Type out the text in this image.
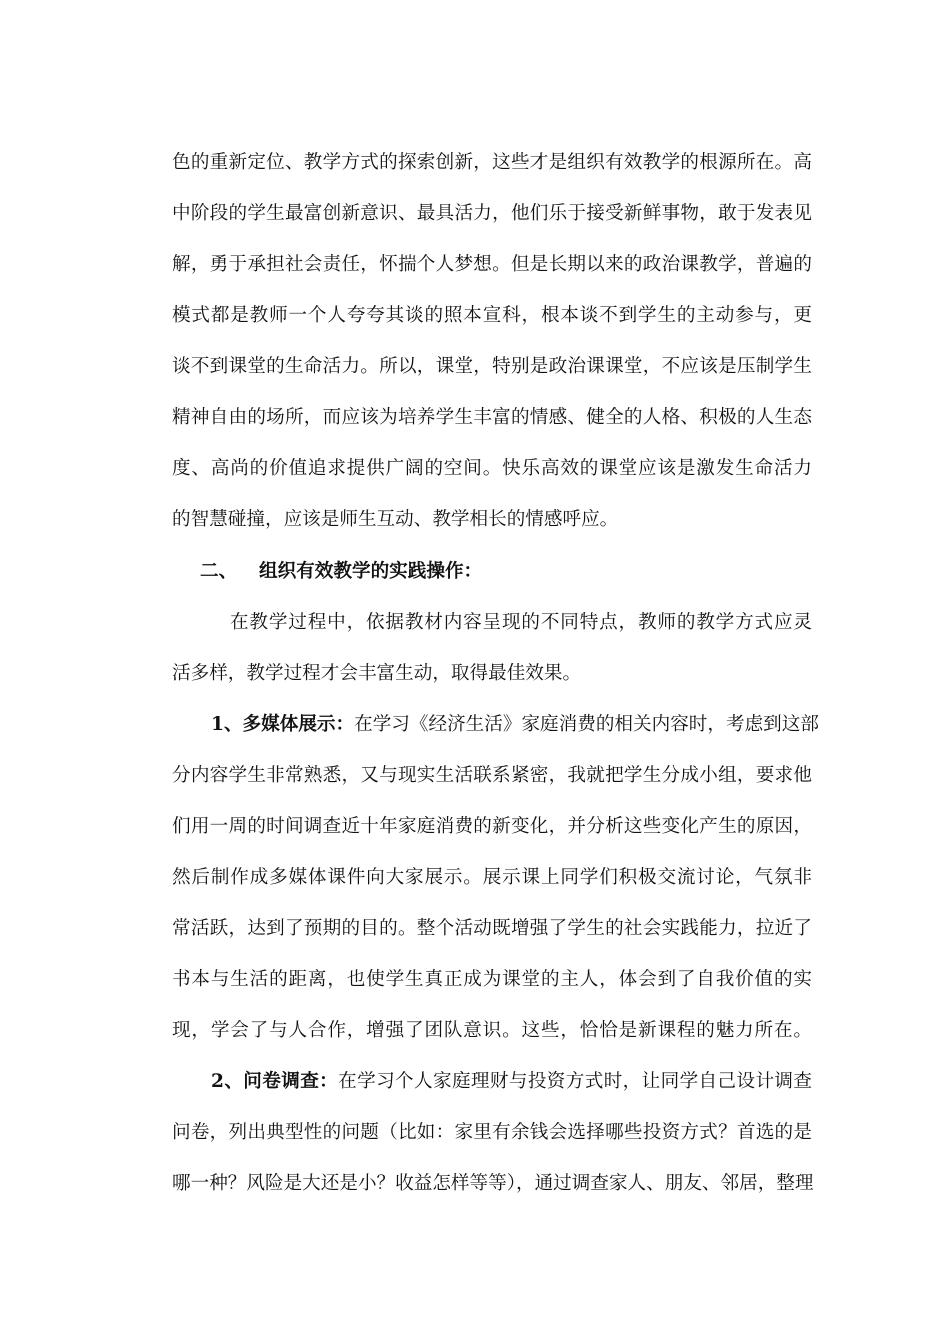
色的重新定位、教学方式的探索创新，这些才是组织有效教学的根源所在。高
中阶段的学生最富创新意识、最具活力，他们乐于接受新鲜事物，敢于发表见
解，勇于承担社会责任，怀揣个人梦想。但是长期以来的政治课教学，普遍的
模式都是教师一个人夸夸其谈的照本宣科，根本谈不到学生的主动参与，更
谈不到课堂的生命活力。所以，课堂，特别是政治课课堂，不应该是压制学生
精神自由的场所，而应该为培养学生丰富的情感、健全的人格、积极的人生态
度、高尚的价值追求提供广阔的空间。快乐高效的课堂应该是激发生命活力
的智慧碰撞，应该是师生互动、教学相长的情感呼应。
二、 组织有效教学的实践操作：
在教学过程中，依据教材内容呈现的不同特点，教师的教学方式应灵
活多样，教学过程才会丰富生动，取得最佳效果。
1、多媒体展示：在学习《经济生活》家庭消费的相关内容时，考虑到这部
分内容学生非常熟悉，又与现实生活联系紧密，我就把学生分成小组，要求他
们用一周的时间调查近十年家庭消费的新变化，并分析这些变化产生的原因，
然后制作成多媒体课件向大家展示。展示课上同学们积极交流讨论，气氛非
常活跃，达到了预期的目的。整个活动既增强了学生的社会实践能力，拉近了
书本与生活的距离，也使学生真正成为课堂的主人，体会到了自我价值的实
现，学会了与人合作，增强了团队意识。这些，恰恰是新课程的魅力所在。
2、问卷调查：在学习个人家庭理财与投资方式时，让同学自己设计调查
问卷，列出典型性的问题（比如：家里有余钱会选择哪些投资方式？首选的是
哪一种？风险是大还是小？收益怎样等等），通过调查家人、朋友、邻居，整理
